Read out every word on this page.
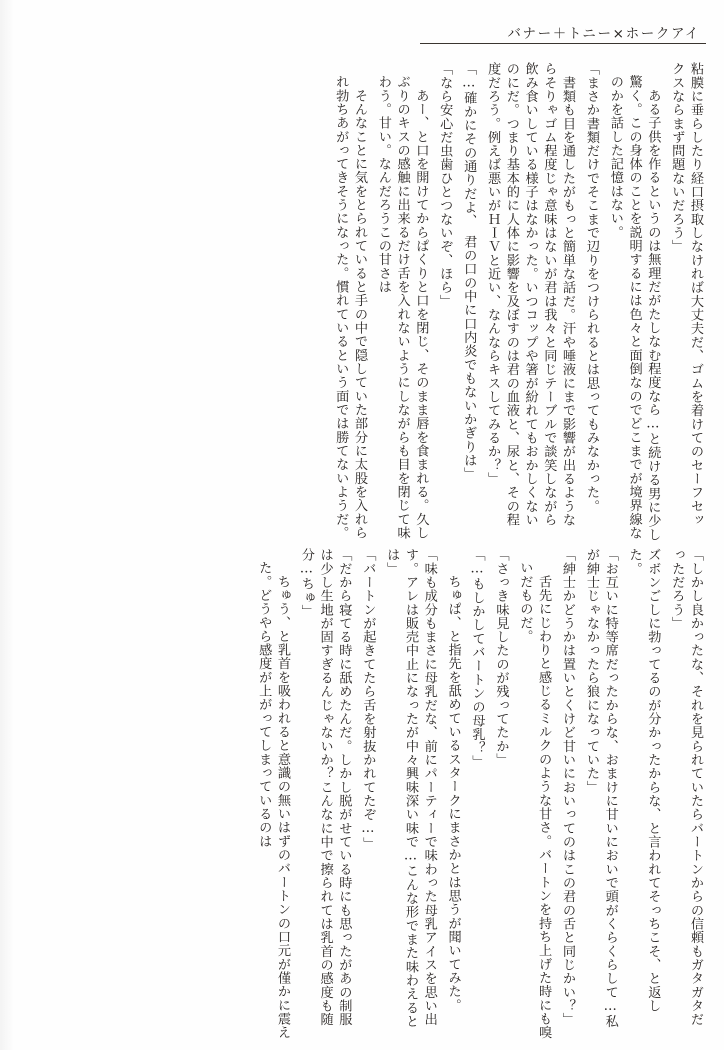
バナー＋トニー×ホークアイ
粘膜に垂らしたり経口摂取しなければ大丈夫だ、ゴムを着けてのセーフセックスならまず問題ないだろう」
　ある子供を作るというのは無理だがたしなむ程度なら…と続ける男に少し驚く。この身体のことを説明するには色々と面倒なのでどこまでが境界線なのかを話した記憶はない。
「まさか書類だけでそこまで辺りをつけられるとは思ってもみなかった。
　書類も目を通したがもっと簡単な話だ。汗や唾液にまで影響が出るようならそりゃゴム程度じゃ意味はないが君は我々と同じテーブルで談笑しながら飲み食いしている様子はなかった。いつコップや箸が紛れてもおかしくないのにだ。つまり基本的に人体に影響を及ぼすのは君の血液と、尿と、その程度だろう。例えば悪いがＨＩＶと近い、なんならキスしてみるか？」
「…確かにその通りだよ、　君の口の中に口内炎でもないかぎりは」
「なら安心だ虫歯ひとつないぞ、ほら」
　あー、と口を開けてからぱくりと口を閉じ、そのまま唇を食まれる。久しぶりのキスの感触に出来るだけ舌を入れないようにしながらも目を閉じて味わう。甘い。なんだろうこの甘さは
　そんなことに気をとられていると手の中で隠していた部分に太股を入れられ勃ちあがってきそうになった。慣れているという面では勝てないようだ。
「しかし良かったな、それを見られていたらバートンからの信頼もガタガタだっただろう」
ズボンごしに勃ってるのが分かったからな、と言われてそっちこそ、と返した。
「お互いに特等席だったからな、おまけに甘いにおいで頭がくらくらして…私が紳士じゃなかったら狼になっていた」
「紳士かどうかは置いとくけど甘いにおいってのはこの君の舌と同じかい？」
　舌先にじわりと感じるミルクのような甘さ。バートンを持ち上げた時にも嗅いだものだ。
「さっき味見したのが残ってたか」
「…もしかしてバートンの母乳？」
　ちゅぱ、と指先を舐めているスタークにまさかとは思うが聞いてみた。
「味も成分もまさに母乳だな、前にパーティーで味わった母乳アイスを思い出す。アレは販売中止になったが中々興味深い味で…こんな形でまた味わえるとは」
「バートンが起きてたら舌を射抜かれてたぞ…」
「だから寝てる時に舐めたんだ。しかし脱がせている時にも思ったがあの制服は少し生地が固すぎるんじゃないか？こんなに中で擦られては乳首の感度も随分…ちゅ」
　ちゅう、と乳首を吸われると意識の無いはずのバートンの口元が僅かに震えた。どうやら感度が上がってしまっているのは
